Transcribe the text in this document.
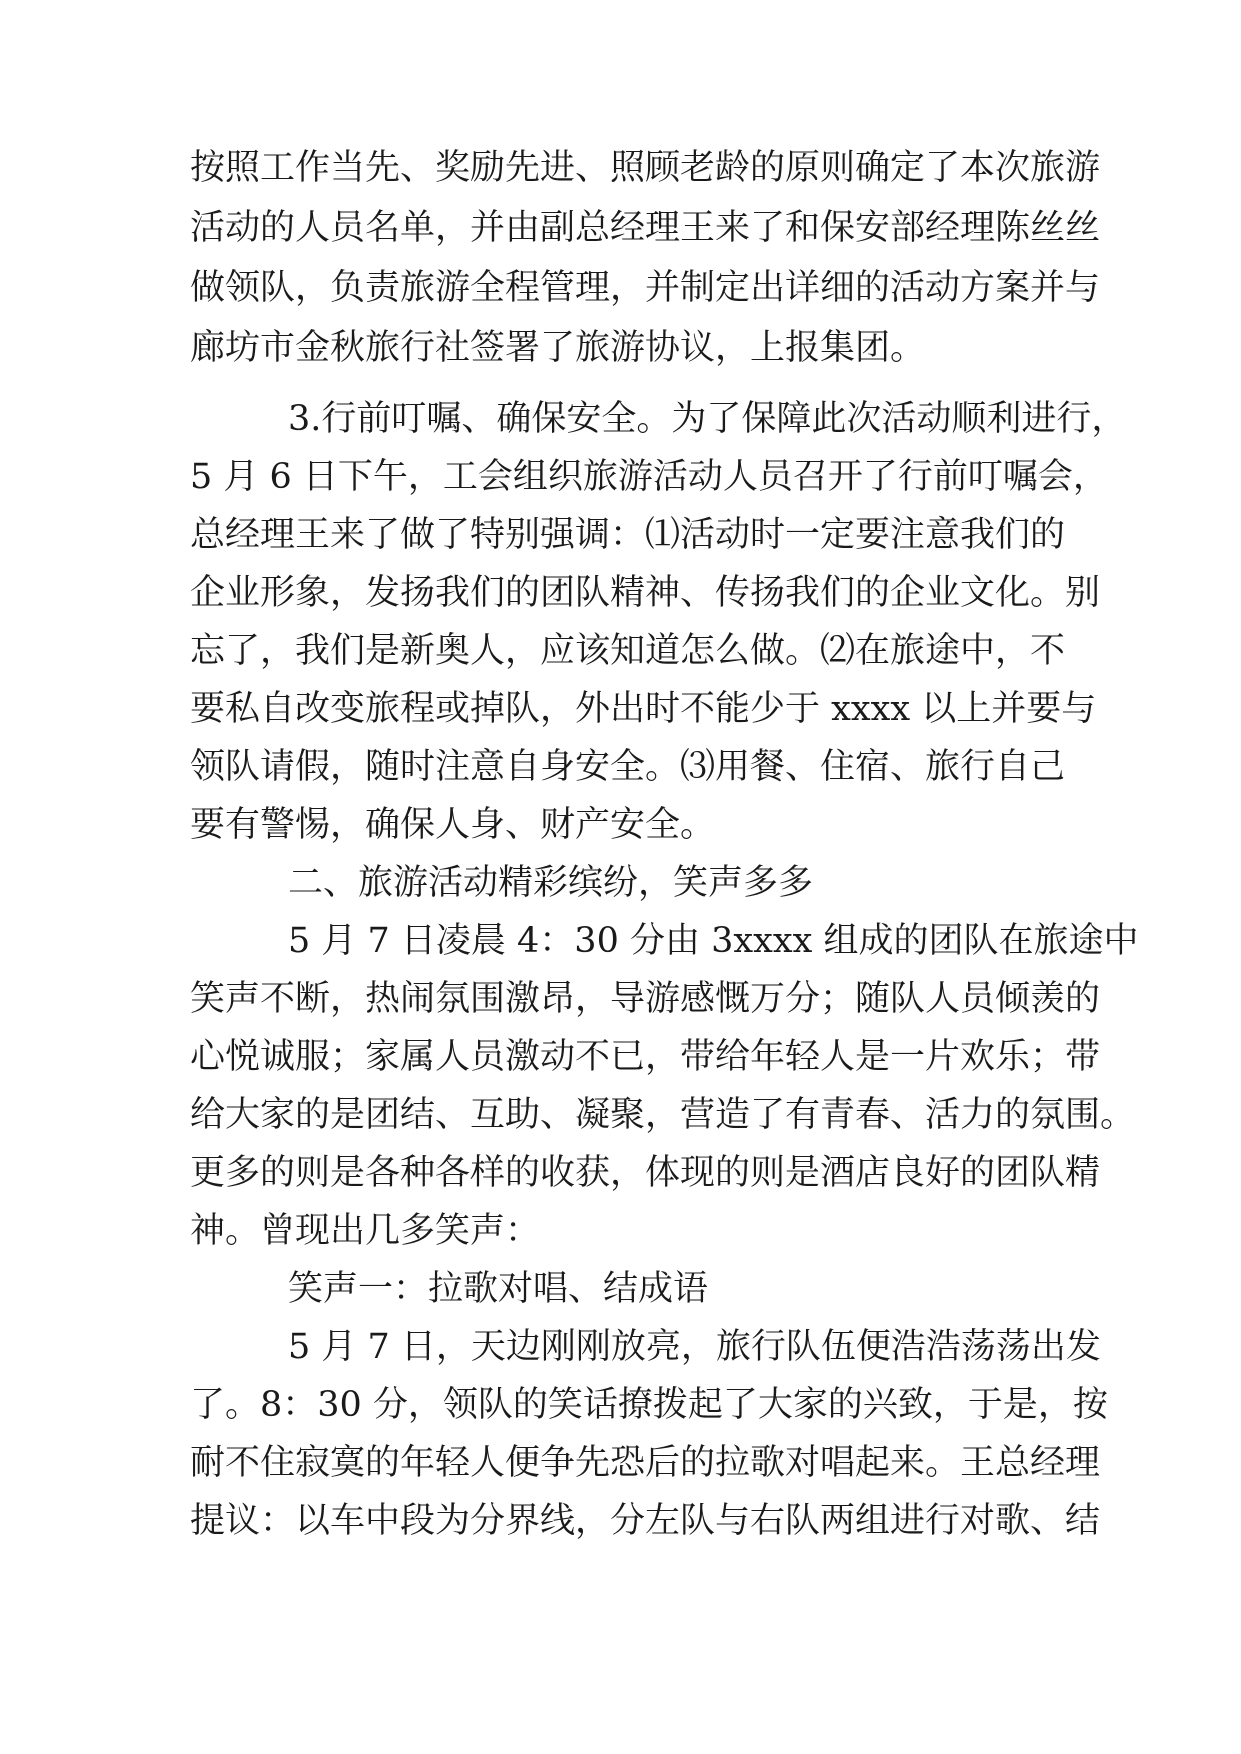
按照工作当先、奖励先进、照顾老龄的原则确定了本次旅游
活动的人员名单，并由副总经理王来了和保安部经理陈丝丝
做领队，负责旅游全程管理，并制定出详细的活动方案并与
廊坊市金秋旅行社签署了旅游协议，上报集团。
3.行前叮嘱、确保安全。为了保障此次活动顺利进行，
5 月 6 日下午，工会组织旅游活动人员召开了行前叮嘱会，
总经理王来了做了特别强调：⑴活动时一定要注意我们的
企业形象，发扬我们的团队精神、传扬我们的企业文化。别
忘了，我们是新奥人，应该知道怎么做。⑵在旅途中，不
要私自改变旅程或掉队，外出时不能少于 xxxx 以上并要与
领队请假，随时注意自身安全。⑶用餐、住宿、旅行自己
要有警惕，确保人身、财产安全。
二、旅游活动精彩缤纷，笑声多多
5 月 7 日凌晨 4：30 分由 3xxxx 组成的团队在旅途中
笑声不断，热闹氛围激昂，导游感慨万分；随队人员倾羡的
心悦诚服；家属人员激动不已，带给年轻人是一片欢乐；带
给大家的是团结、互助、凝聚，营造了有青春、活力的氛围。
更多的则是各种各样的收获，体现的则是酒店良好的团队精
神。曾现出几多笑声：
笑声一：拉歌对唱、结成语
5 月 7 日，天边刚刚放亮，旅行队伍便浩浩荡荡出发
了。8：30 分，领队的笑话撩拨起了大家的兴致，于是，按
耐不住寂寞的年轻人便争先恐后的拉歌对唱起来。王总经理
提议：以车中段为分界线，分左队与右队两组进行对歌、结
